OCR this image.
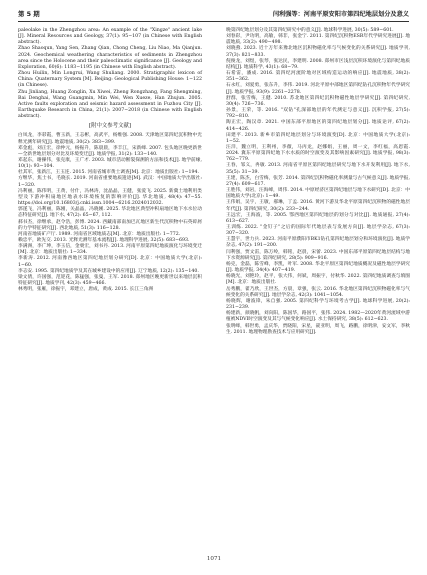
第 5 期	闫利强等：河南平原安阳市第四纪地层划分及意义

paleolake in the Zhengzhou area: An example of the "Xingze" ancient lake [J]. Mineral Resources and Geology, 37(1): 95−107 (in Chinese with English abstract).

Zhao Shaoqun, Yang Sen, Zhang Qian, Chong Cheng, Liu Niao, Ma Qianjun. 2024. Geochemical weathering characteristics of sediments in Zhengzhou area since the Holocene and their paleoclimatic significance [J]. Geology and Exploration, 60(6): 1183−1195 (in Chinese with English abstract).

Zhou Huilin, Min Longrui, Wang Shuliang. 2000. Stratigraphic lexicon of China: Quaternary System [M]. Beijing: Geological Publishing House: 1−122 (in Chinese).

Zhu Jinliang, Huang Zonglin, Xu Xiwei, Zheng Rongzhang, Fang Shengming, Bai Denghai, Wang Guangmin, Min Wei, Wen Xueze, Han Zhujun. 2005. Active faults exploration and seismic hazard assessment in Fuzhou City [J]. Earthquake Research in China, 21(1): 2007−2018 (in Chinese with English abstract).

[附中文参考文献]

白凤龙，李彩霞，曹玉新，王志彬，高武平，杨维强. 2008. 天津地区第四纪沉积物中光释光测年研究[J]. 地震地质, 30(2): 383−399.

邓金彪，刘正宏，徐仲元，杨振升，陈晨晨，李丰江，宋新峰. 2007. 包头地区晚更新世—全新世地层划分对比及环境变迁[J]. 地质学报, 31(2): 133−140.

邓起东，谢操伟，张克康，王广才. 2003. 城市活动断裂探测的方法和技术[J]. 地学前缘, 10(1): 93−104.

杜其军，张新江，王玉连. 2015. 河南省城市黄土调查[M]. 北京：地质出版社: 1−194.

方继华，焦士书，毛晓长. 2019. 河南省重要地质遗迹[M]. 武汉：中国地质大学出版社: 1−320.

冯利丽，陈伟明，王黄，付什，冯林涛，沈晶晶，王健，张爱飞. 2025. 新冀土地利用类型及下游冲积扇地区地表水环境恢复的影响评价[J]. 华北地质, 48(4): 47−55. https://doi.org/10.16803/j.cnki.issn.1004−6216.2024012032.

郭遂飞，冯利丽，陈刚，关晶晶，冯晓刚. 2025. 华北地区典型冲积扇地区地下水水位动态特征研究[J]. 地下水, 47(2): 65−67, 112.

郝书杰，徐继承，赵令浩，彭博. 2024. 西藏南部南加巴瓦地区新生代沉积物中石英碎屑的力学特征研究[J]. 西北地质, 51(3): 116−128.

河南省地质矿产厅. 1989. 河南省区域地质志[M]. 北京：地质出版社: 1−772.

赖忠平，欧先交. 2013. 光释光测年基本流程[J]. 地理科学进展, 32(5): 683−693.

李满洲，李广坤，李玉信，金栗宏，刘书丹. 2013. 河南平原第四纪地质演化与环境变迁[M]. 北京：地质出版社: 1−334.

李新涛. 2012. 河南豫西地区第四纪地层划分研究[D]. 北京：中国地质大学(北京): 1−60.

李志安. 1995. 第四纪地质学及其在城乡建设中的应用[J]. 辽宁地质, 12(2): 135−140.

梁文倩，许国强，范迎花，陈猛强，张曼，王军. 2018. 郑州地区晚更新世以来地层沉积特征研究[J]. 地质学刊, 42(3): 459−466.

林秀明，张雁，徐振宇，邓建立，唐成，黄成. 2015. 长江三角洲

晚第四纪地层划分及其第四纪研究中的意义[J]. 地球科学进展, 30(5): 589−601.

刘春彩，尹功明，高敏，韩非，张金宁. 2011. 第四纪沉积物ESR年代学研究进展[J]. 地震地质, 33(2): 490−498.

刘晓燕. 2023. 近十万年来豫北地区沉积物磁化率与气候变化的关系研究[J]. 地质学刊, 37(3): 821−833.

倪俊龙，刘煜，张琴，张达民，李建明. 2008. 郑州市区浅层沉积环境演化与第四纪地质结构[J]. 地质科学, 43(1): 68−79.

石希雷，潘成. 2016. 第四纪河流阶地对区域构造运动的响应[J]. 地震地质, 38(2): 351−362.

石永红，刘爱勇，张东升，李伟. 2019. 河北平原中部地区第四纪钻孔沉积物年代学研究[J]. 地质学报, 93(9): 2261−2278.

舒群，张雪梅，王健. 2010. 苏北地区第四纪沉积物磁性地层学研究[J]. 第四纪研究, 30(4): 726−736.

孙景，王荣，等. 2016. "双钻"孔深部地层的年代测定与意义[J]. 沉积学报, 27(5): 792−810.

陶正宏，陶汉章. 2021. 中国东部平原地区的第四纪地层划分[J]. 地质论评, 67(2): 414−426.

田建平. 2013. 新乡市第四纪地层划分与环境演变[D]. 北京：中国地质大学(北京): 1−52.

汪洋，魏立明，王利州，李薇，马丙龙，赵娜娟，王丽，周一文，李红福，高恩霞. 2024. 冀东平原第四纪地下水水质的时空演变及其影响因素研究[J]. 地质学报, 98(3): 762−779.

王春，邹义，冉敏. 2013. 河南省平原区第四纪地层研究与地下水开发利用[J]. 地下水, 35(5): 31−39.

王建，陈杰，白雪梅，张芳. 2014. 第四纪沉积物磁化率测量与古气候意义[J]. 地质学报, 27(4): 609−617.

王胜伟，刘岩，汪海峰，周伟. 2014. 中原经济区第四纪地层与地下水研究[D]. 北京：中国地质大学(北京): 1−49.

王伟娟，吴宇，王敏，郝琳，丁孟. 2016. 黄河下游及华北平原第四纪沉积物的磁性地层年代[J]. 第四纪研究, 30(2): 233−244.

王远宏，王海波，等. 2005. 鄂西地区第四纪地层的划分与对比[J]. 地质通报, 27(4): 613−627.

王训练. 2022. "金钉子"之后的国际年代地层表与发展方向[J]. 地层学杂志, 67(3): 307−320.

王慧宇，世力兵. 2023. 河南平原濮阳市BK1钻孔第四纪地层划分和环境演化[J]. 地质学杂志, 47(2): 191−200.

闫利强，贾文雷，陈万岭，韩铭，赵晨，宋蕾. 2023. 中国东部平原第四纪地层结构与地下水资源研究[J]. 第四纪研究, 28(5): 909−916.

杨克，金磊，陈雪峰，李凯，叶军. 2008. 华北平原区第四纪地质概况及磁性地层学研究[J]. 地质学报, 34(4): 407−419.

杨晓光，刘艳玲，赵平，张大伟，何斌，周振宇，付秋华. 2022. 第四纪地质调查与填图[M]. 北京：地质出版社.

岳秀鹏，翟乃欣，王世杰，方晨，章强，张云. 2016. 华北地区第四纪沉积物磁化率与气候变化的关系研究[J]. 地层学杂志, 42(3): 1041−1054.

杨晓辉，谢波锋，朱自强. 2005. 第四纪科学与环境考古学[J]. 地球科学进展, 20(2): 231−239.

杨建新，颜晓帆，刘向阳，陈国华，路国平，张伟. 2024. 1982—2020年黄河流域中游植被NDVI时空演变及其与气候变化响应[J]. 水土保持研究, 38(5): 612−623.

张明峰，韩世勇，孟庆华，贾晓阳，宋星，聂亚明，周飞，路鹏，徐明津，安文军，李秋生. 2011. 地理物理勘查技术与应用研究[J].

1071
